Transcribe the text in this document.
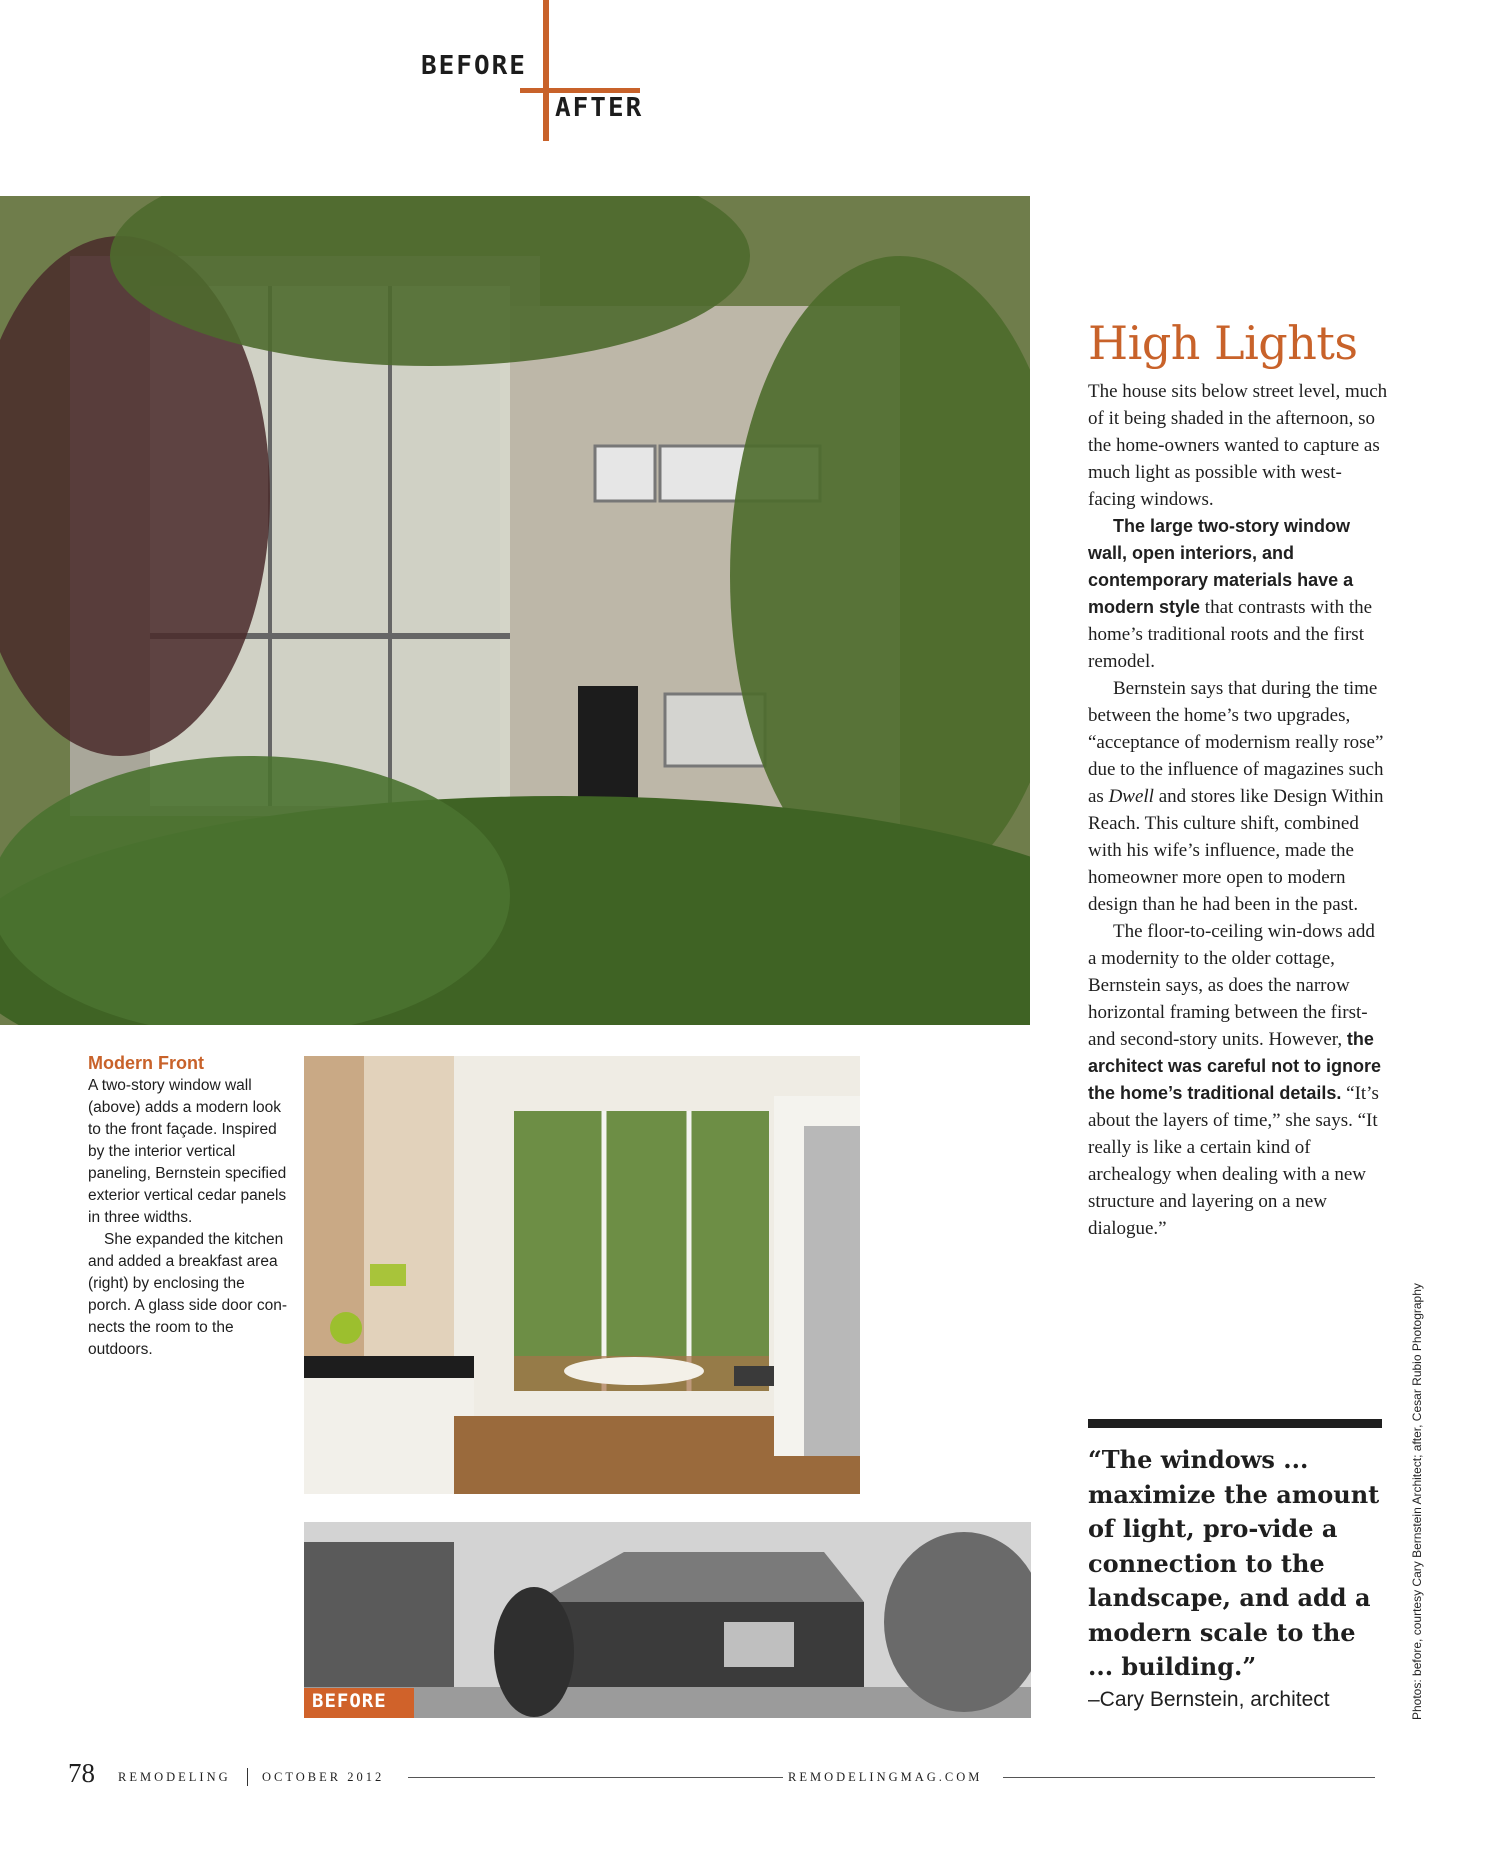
BEFORE
AFTER
Modern Front

A two-story window wall (above) adds a modern look to the front façade. Inspired by the interior vertical paneling, Bernstein specified exterior vertical cedar panels in three widths.

She expanded the kitchen and added a breakfast area (right) by enclosing the porch. A glass side door con-nects the room to the outdoors.

BEFORE
High Lights

The house sits below street level, much of it being shaded in the afternoon, so the home-owners wanted to capture as much light as possible with west-facing windows.

The large two-story window wall, open interiors, and contemporary materials have a modern style that contrasts with the home’s traditional roots and the first remodel.

Bernstein says that during the time between the home’s two upgrades, “acceptance of modernism really rose” due to the influence of magazines such as Dwell and stores like Design Within Reach. This culture shift, combined with his wife’s influence, made the homeowner more open to modern design than he had been in the past.

The floor-to-ceiling win-dows add a modernity to the older cottage, Bernstein says, as does the narrow horizontal framing between the first- and second-story units. However, the architect was careful not to ignore the home’s traditional details. “It’s about the layers of time,” she says. “It really is like a certain kind of archealogy when dealing with a new structure and layering on a new dialogue.”

“The windows ... maximize the amount of light, pro-vide a connection to the landscape, and add a modern scale to the ... building.”

–Cary Bernstein, architect	Photos: before, courtesy Cary Bernstein Architect; after, Cesar Rubio Photography
78 REMODELING	OCTOBER 2012	REMODELINGMAG.COM
